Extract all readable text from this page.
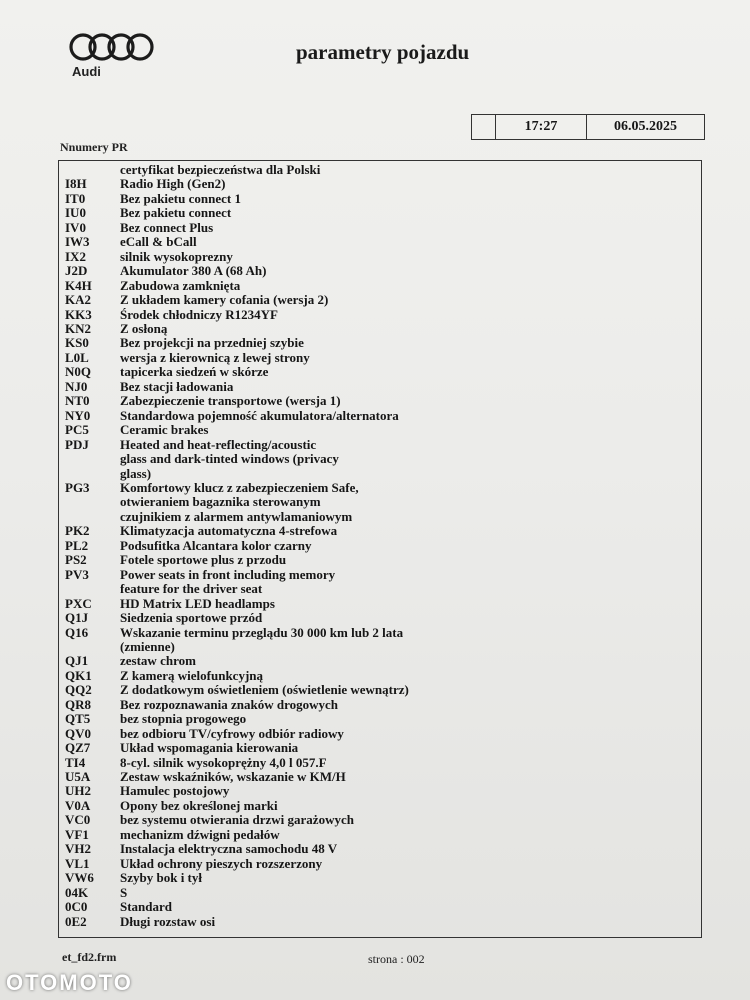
Audi
parametry pojazdu
17:27	06.05.2025
Nnumery PR
certyfikat bezpieczeństwa dla Polski
I8H	Radio High (Gen2)
IT0	Bez pakietu connect 1
IU0	Bez pakietu connect
IV0	Bez connect Plus
IW3	eCall & bCall
IX2	silnik wysokoprezny
J2D	Akumulator 380 A (68 Ah)
K4H	Zabudowa zamknięta
KA2	Z układem kamery cofania (wersja 2)
KK3	Środek chłodniczy R1234YF
KN2	Z osłoną
KS0	Bez projekcji na przedniej szybie
L0L	wersja z kierownicą z lewej strony
N0Q	tapicerka siedzeń w skórze
NJ0	Bez stacji ładowania
NT0	Zabezpieczenie transportowe (wersja 1)
NY0	Standardowa pojemność akumulatora/alternatora
PC5	Ceramic brakes
PDJ	Heated and heat-reflecting/acoustic
glass and dark-tinted windows (privacy
glass)
PG3	Komfortowy klucz z zabezpieczeniem Safe,
otwieraniem bagaznika sterowanym
czujnikiem z alarmem antywlamaniowym
PK2	Klimatyzacja automatyczna 4-strefowa
PL2	Podsufitka Alcantara kolor czarny
PS2	Fotele sportowe plus z przodu
PV3	Power seats in front including memory
feature for the driver seat
PXC	HD Matrix LED headlamps
Q1J	Siedzenia sportowe przód
Q16	Wskazanie terminu przeglądu 30 000 km lub 2 lata
(zmienne)
QJ1	zestaw chrom
QK1	Z kamerą wielofunkcyjną
QQ2	Z dodatkowym oświetleniem (oświetlenie wewnątrz)
QR8	Bez rozpoznawania znaków drogowych
QT5	bez stopnia progowego
QV0	bez odbioru TV/cyfrowy odbiór radiowy
QZ7	Układ wspomagania kierowania
TI4	8-cyl. silnik wysokoprężny 4,0 l 057.F
U5A	Zestaw wskaźników, wskazanie w KM/H
UH2	Hamulec postojowy
V0A	Opony bez określonej marki
VC0	bez systemu otwierania drzwi garażowych
VF1	mechanizm dźwigni pedałów
VH2	Instalacja elektryczna samochodu 48 V
VL1	Układ ochrony pieszych rozszerzony
VW6	Szyby bok i tył
04K	S
0C0	Standard
0E2	Długi rozstaw osi
et_fd2.frm	strona : 002
OTOMOTO
